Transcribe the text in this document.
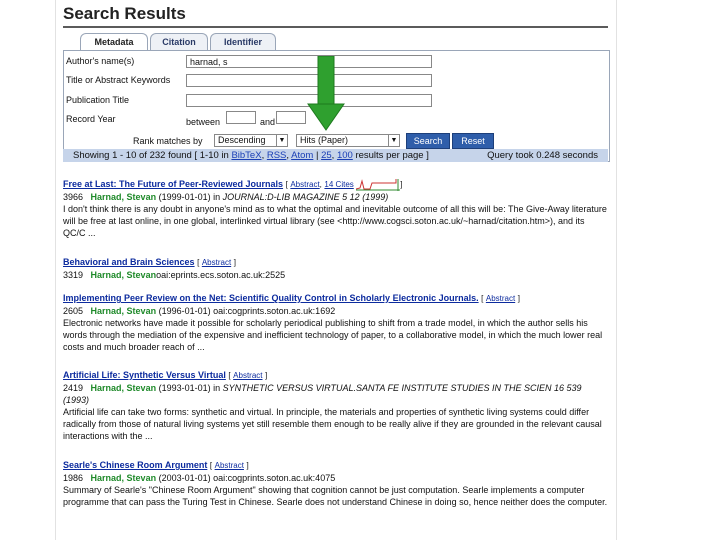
Search Results
Metadata	Citation	Identifier
Author's name(s)	harnad, s
Title or Abstract Keywords
Publication Title
Record Year	between	and
Rank matches by	Descending	▼	Hits (Paper)	▼	Search	Reset
Showing 1 - 10 of 232 found [ 1-10 in BibTeX, RSS, Atom | 25, 100 results per page ]	Query took 0.248 seconds
Free at Last: The Future of Peer-Reviewed Journals [ Abstract, 14 Cites	]
3966 Harnad, Stevan (1999-01-01) in JOURNAL:D-LIB MAGAZINE 5 12 (1999)
I don't think there is any doubt in anyone's mind as to what the optimal and inevitable outcome of all this will be: The Give-Away literature will be free at last online, in one global, interlinked virtual library (see <http://www.cogsci.soton.ac.uk/~harnad/citation.htm>), and its QC/C ...
Behavioral and Brain Sciences [ Abstract ]
3319 Harnad, Stevanoai:eprints.ecs.soton.ac.uk:2525
Implementing Peer Review on the Net: Scientific Quality Control in Scholarly Electronic Journals. [ Abstract ]
2605 Harnad, Stevan (1996-01-01) oai:cogprints.soton.ac.uk:1692
Electronic networks have made it possible for scholarly periodical publishing to shift from a trade model, in which the author sells his words through the mediation of the expensive and inefficient technology of paper, to a collaborative model, in which the much lower real costs and much broader reach of ...
Artificial Life: Synthetic Versus Virtual [ Abstract ]
2419 Harnad, Stevan (1993-01-01) in SYNTHETIC VERSUS VIRTUAL.SANTA FE INSTITUTE STUDIES IN THE SCIEN 16 539 (1993)
Artificial life can take two forms: synthetic and virtual. In principle, the materials and properties of synthetic living systems could differ radically from those of natural living systems yet still resemble them enough to be really alive if they are grounded in the relevant causal interactions with the ...
Searle's Chinese Room Argument [ Abstract ]
1986 Harnad, Stevan (2003-01-01) oai:cogprints.soton.ac.uk:4075
Summary of Searle's "Chinese Room Argument" showing that cognition cannot be just computation. Searle implements a computer programme that can pass the Turing Test in Chinese. Searle does not understand Chinese in doing so, hence neither does the computer.
